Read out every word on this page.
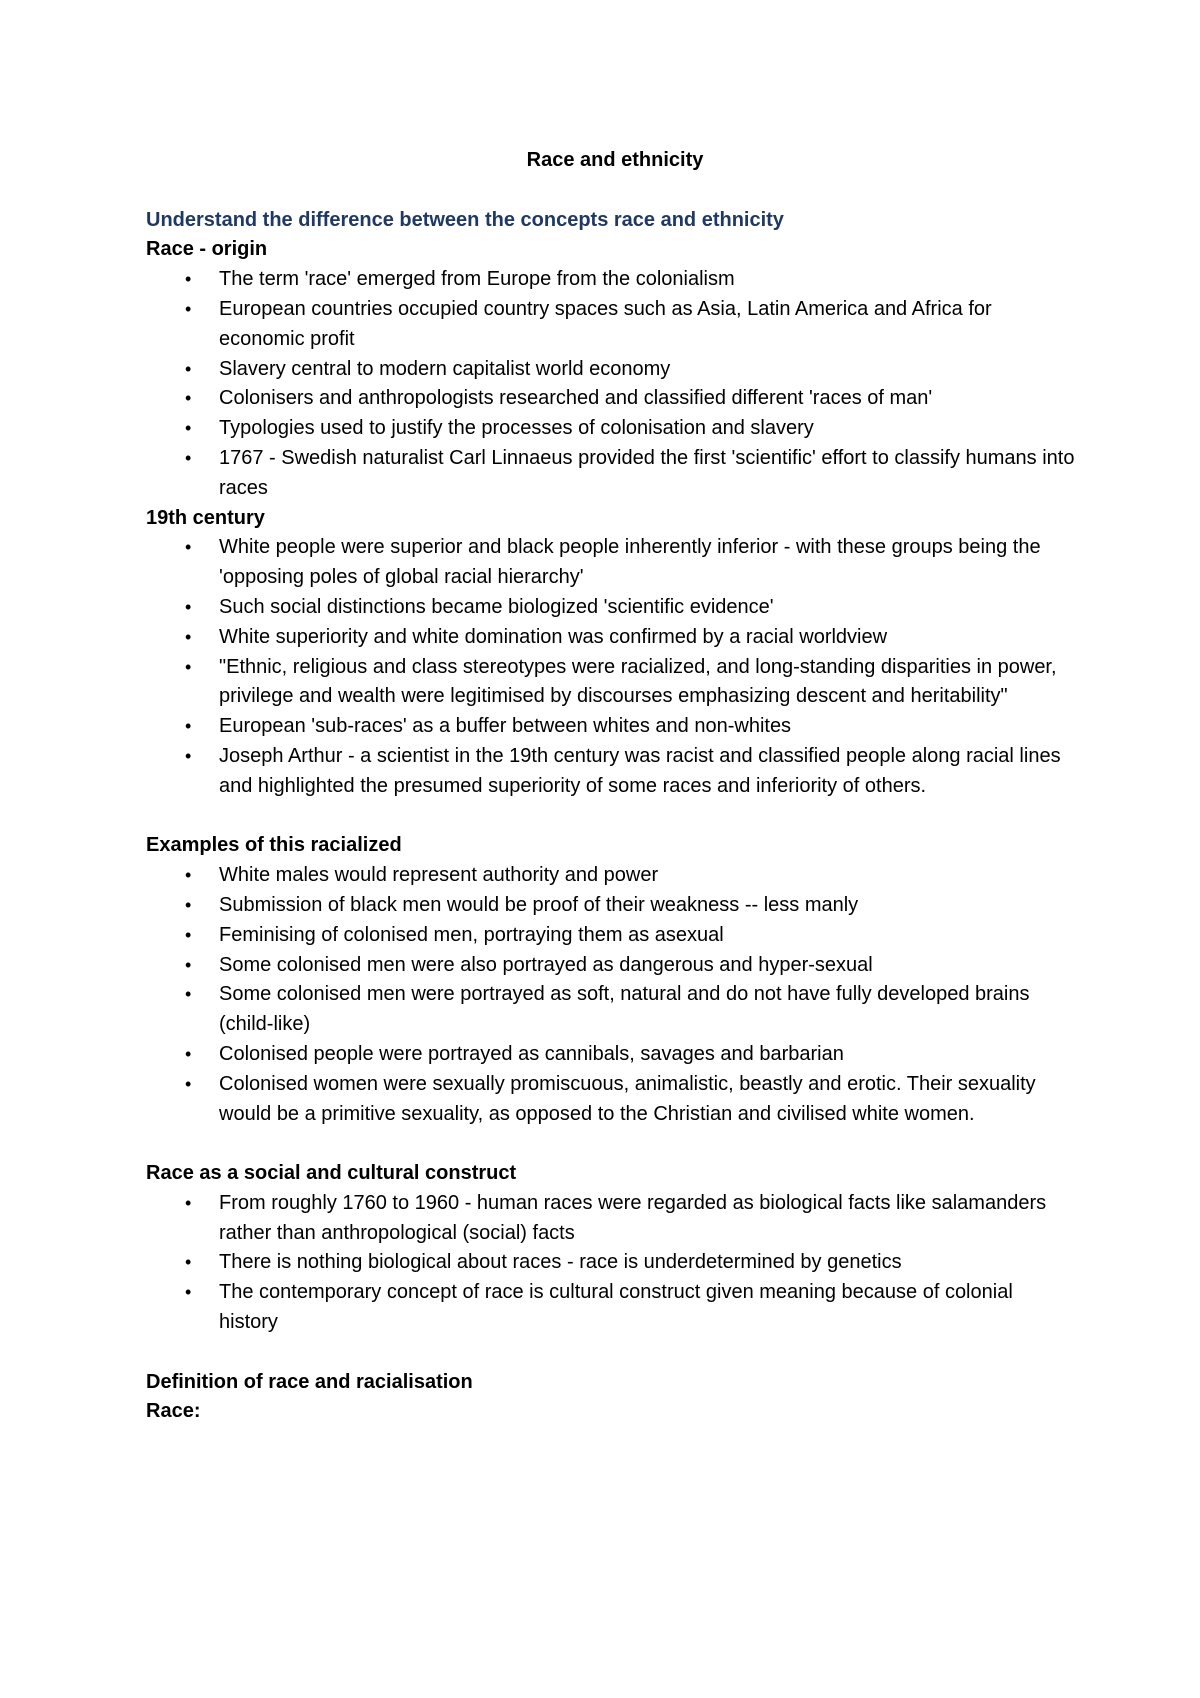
Race and ethnicity
Understand the difference between the concepts race and ethnicity
Race - origin
• The term 'race' emerged from Europe from the colonialism
• European countries occupied country spaces such as Asia, Latin America and Africa for economic profit
• Slavery central to modern capitalist world economy
• Colonisers and anthropologists researched and classified different 'races of man'
• Typologies used to justify the processes of colonisation and slavery
• 1767 - Swedish naturalist Carl Linnaeus provided the first 'scientific' effort to classify humans into races
19th century
• White people were superior and black people inherently inferior - with these groups being the 'opposing poles of global racial hierarchy'
• Such social distinctions became biologized 'scientific evidence'
• White superiority and white domination was confirmed by a racial worldview
• "Ethnic, religious and class stereotypes were racialized, and long-standing disparities in power, privilege and wealth were legitimised by discourses emphasizing descent and heritability"
• European 'sub-races' as a buffer between whites and non-whites
• Joseph Arthur - a scientist in the 19th century was racist and classified people along racial lines and highlighted the presumed superiority of some races and inferiority of others.
Examples of this racialized
• White males would represent authority and power
• Submission of black men would be proof of their weakness -- less manly
• Feminising of colonised men, portraying them as asexual
• Some colonised men were also portrayed as dangerous and hyper-sexual
• Some colonised men were portrayed as soft, natural and do not have fully developed brains (child-like)
• Colonised people were portrayed as cannibals, savages and barbarian
• Colonised women were sexually promiscuous, animalistic, beastly and erotic. Their sexuality would be a primitive sexuality, as opposed to the Christian and civilised white women.
Race as a social and cultural construct
• From roughly 1760 to 1960 - human races were regarded as biological facts like salamanders rather than anthropological (social) facts
• There is nothing biological about races - race is underdetermined by genetics
• The contemporary concept of race is cultural construct given meaning because of colonial history
Definition of race and racialisation
Race:
